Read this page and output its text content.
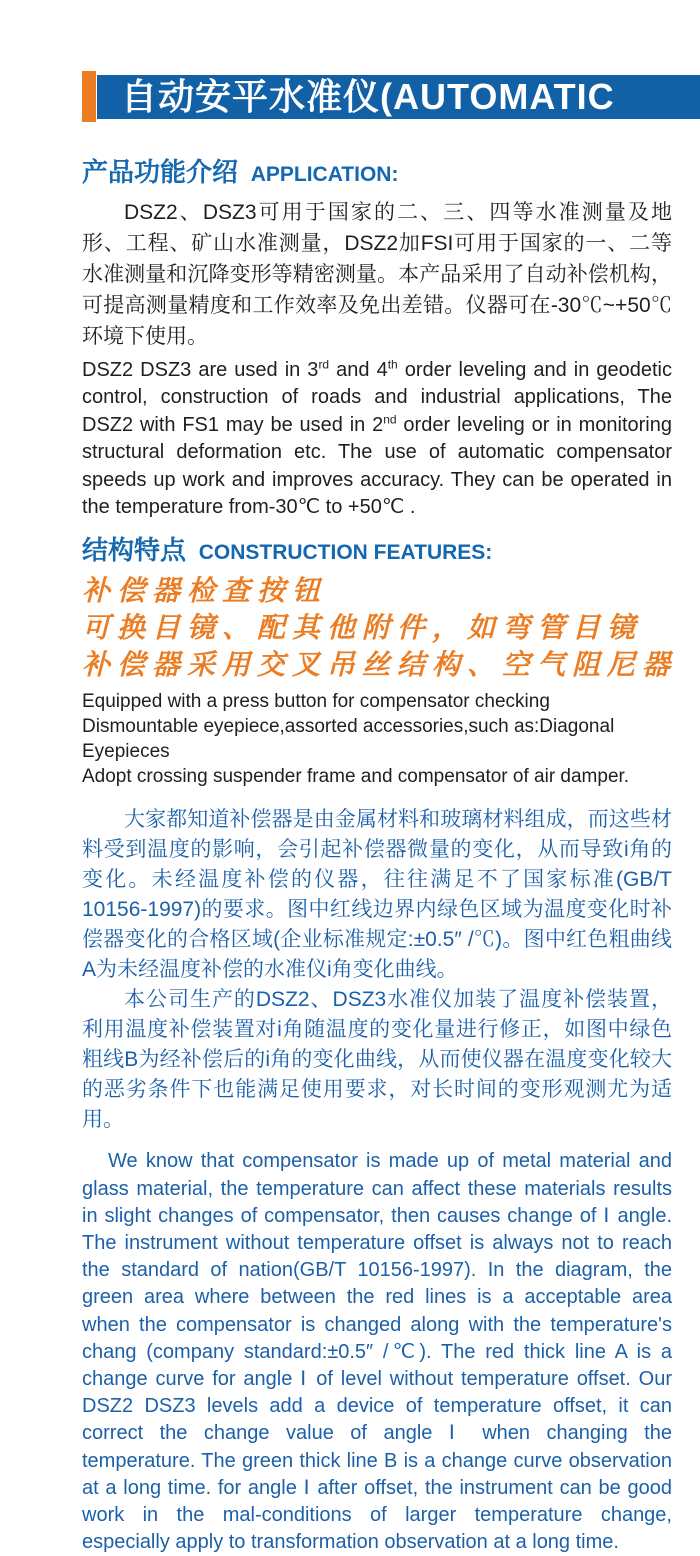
自动安平水准仪(AUTOMATIC
产品功能介绍 APPLICATION:

DSZ2、DSZ3可用于国家的二、三、四等水准测量及地形、工程、矿山水准测量，DSZ2加FSI可用于国家的一、二等水准测量和沉降变形等精密测量。本产品采用了自动补偿机构，可提高测量精度和工作效率及免出差错。仪器可在-30℃~+50℃环境下使用。

DSZ2 DSZ3 are used in 3rd and 4th order leveling and in geodetic control, construction of roads and industrial applications, The DSZ2 with FS1 may be used in 2nd order leveling or in monitoring structural deformation etc. The use of automatic compensator speeds up work and improves accuracy. They can be operated in the temperature from-30℃ to +50℃ .

结构特点 CONSTRUCTION FEATURES:
补偿器检查按钮
可换目镜、配其他附件，如弯管目镜
补偿器采用交叉吊丝结构、空气阻尼器
Equipped with a press button for compensator checking
Dismountable eyepiece,assorted accessories,such as:Diagonal Eyepieces
Adopt crossing suspender frame and compensator of air damper.

大家都知道补偿器是由金属材料和玻璃材料组成，而这些材料受到温度的影响，会引起补偿器微量的变化，从而导致i角的变化。未经温度补偿的仪器，往往满足不了国家标准(GB/T 10156-1997)的要求。图中红线边界内绿色区域为温度变化时补偿器变化的合格区域(企业标准规定:±0.5″ /℃)。图中红色粗曲线A为未经温度补偿的水准仪i角变化曲线。

本公司生产的DSZ2、DSZ3水准仪加装了温度补偿装置，利用温度补偿装置对i角随温度的变化量进行修正，如图中绿色粗线B为经补偿后的i角的变化曲线，从而使仪器在温度变化较大的恶劣条件下也能满足使用要求，对长时间的变形观测尤为适用。

We know that compensator is made up of metal material and glass material, the temperature can affect these materials results in slight changes of compensator, then causes change of Ⅰ angle. The instrument without temperature offset is always not to reach the standard of nation(GB/T 10156-1997). In the diagram, the green area where between the red lines is a acceptable area when the compensator is changed along with the temperature's chang (company standard:±0.5″ /℃). The red thick line A is a change curve for angle Ⅰ of level without temperature offset. Our DSZ2 DSZ3 levels add a device of temperature offset, it can correct the change value of angle Ⅰ when changing the temperature. The green thick line B is a change curve observation at a long time. for angle Ⅰ after offset, the instrument can be good work in the mal-conditions of larger temperature change, especially apply to transformation observation at a long time.
